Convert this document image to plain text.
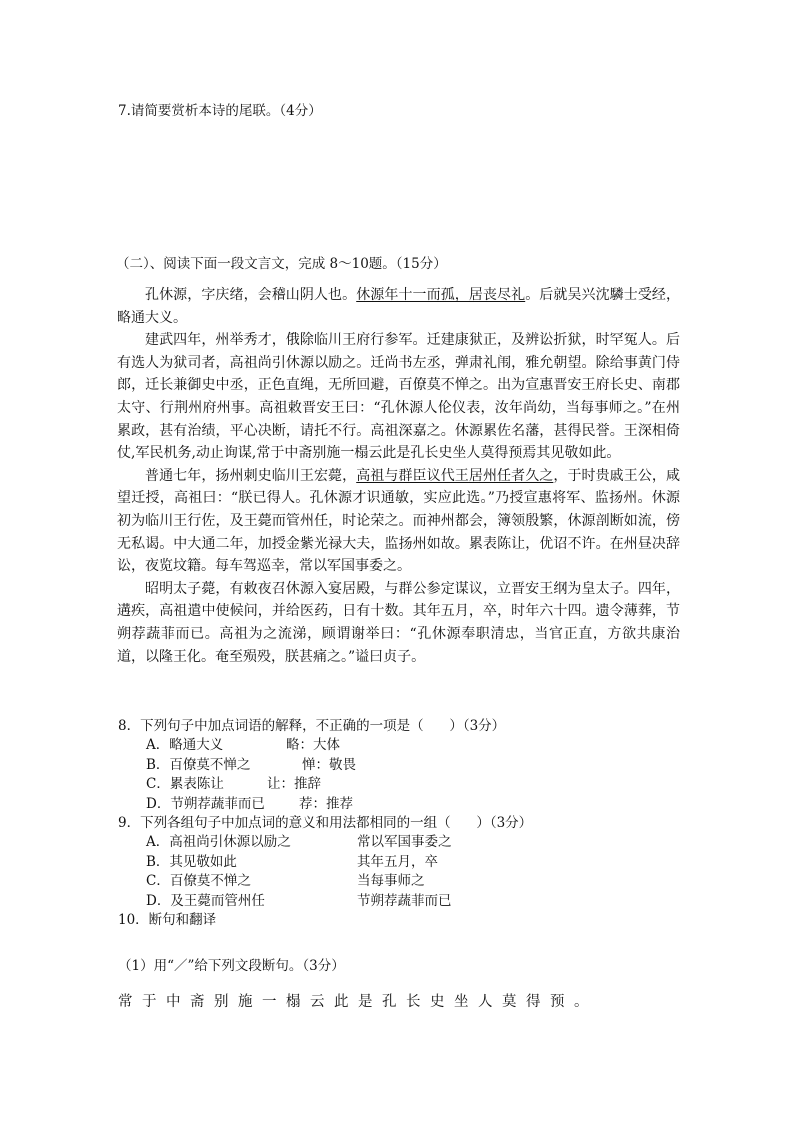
7.请简要赏析本诗的尾联。（4分）
（二）、阅读下面一段文言文，完成 8～10题。（15分）

孔休源，字庆绪，会稽山阴人也。休源年十一而孤，居丧尽礼。后就吴兴沈驎士受经，略通大义。

建武四年，州举秀才，俄除临川王府行参军。迁建康狱正，及辨讼折狱，时罕冤人。后有选人为狱司者，高祖尚引休源以励之。迁尚书左丞，弹肃礼闱，雅允朝望。除给事黄门侍郎，迁长兼御史中丞，正色直绳，无所回避，百僚莫不惮之。出为宣惠晋安王府长史、南郡太守、行荆州府州事。高祖敕晋安王曰：“孔休源人伦仪表，汝年尚幼，当每事师之。”在州累政，甚有治绩，平心决断，请托不行。高祖深嘉之。休源累佐名藩，甚得民誉。王深相倚仗,军民机务,动止询谋,常于中斋别施一榻云此是孔长史坐人莫得预焉其见敬如此。

普通七年，扬州刺史临川王宏薨，高祖与群臣议代王居州任者久之，于时贵戚王公，咸望迁授，高祖曰：“朕已得人。孔休源才识通敏，实应此选。”乃授宣惠将军、监扬州。休源初为临川王行佐，及王薨而管州任，时论荣之。而神州都会，簿领殷繁，休源剖断如流，傍无私谒。中大通二年，加授金紫光禄大夫，监扬州如故。累表陈让，优诏不许。在州昼决辞讼，夜览坟籍。每车驾巡幸，常以军国事委之。

昭明太子薨，有敕夜召休源入宴居殿，与群公参定谋议，立晋安王纲为皇太子。四年，遘疾，高祖遣中使候问，并给医药，日有十数。其年五月，卒，时年六十四。遗令薄葬，节朔荐蔬菲而已。高祖为之流涕，顾谓谢举曰：“孔休源奉职清忠，当官正直，方欲共康治道，以隆王化。奄至殒殁，朕甚痛之。”谥曰贞子。

8．下列句子中加点词语的解释，不正确的一项是（      ）（3分）
A．略通大义	略：大体
B．百僚莫不惮之	惮：敬畏
C．累表陈让	让：推辞
D．节朔荐蔬菲而已	荐：推荐
9．下列各组句子中加点词的意义和用法都相同的一组（      ）（3分）
A．高祖尚引休源以励之	常以军国事委之
B．其见敬如此	其年五月，卒
C．百僚莫不惮之	当每事师之
D．及王薨而管州任	节朔荐蔬菲而已
10．断句和翻译
（1）用“／”给下列文段断句。（3分）
常于中斋别施一榻云此是孔长史坐人莫得预。
